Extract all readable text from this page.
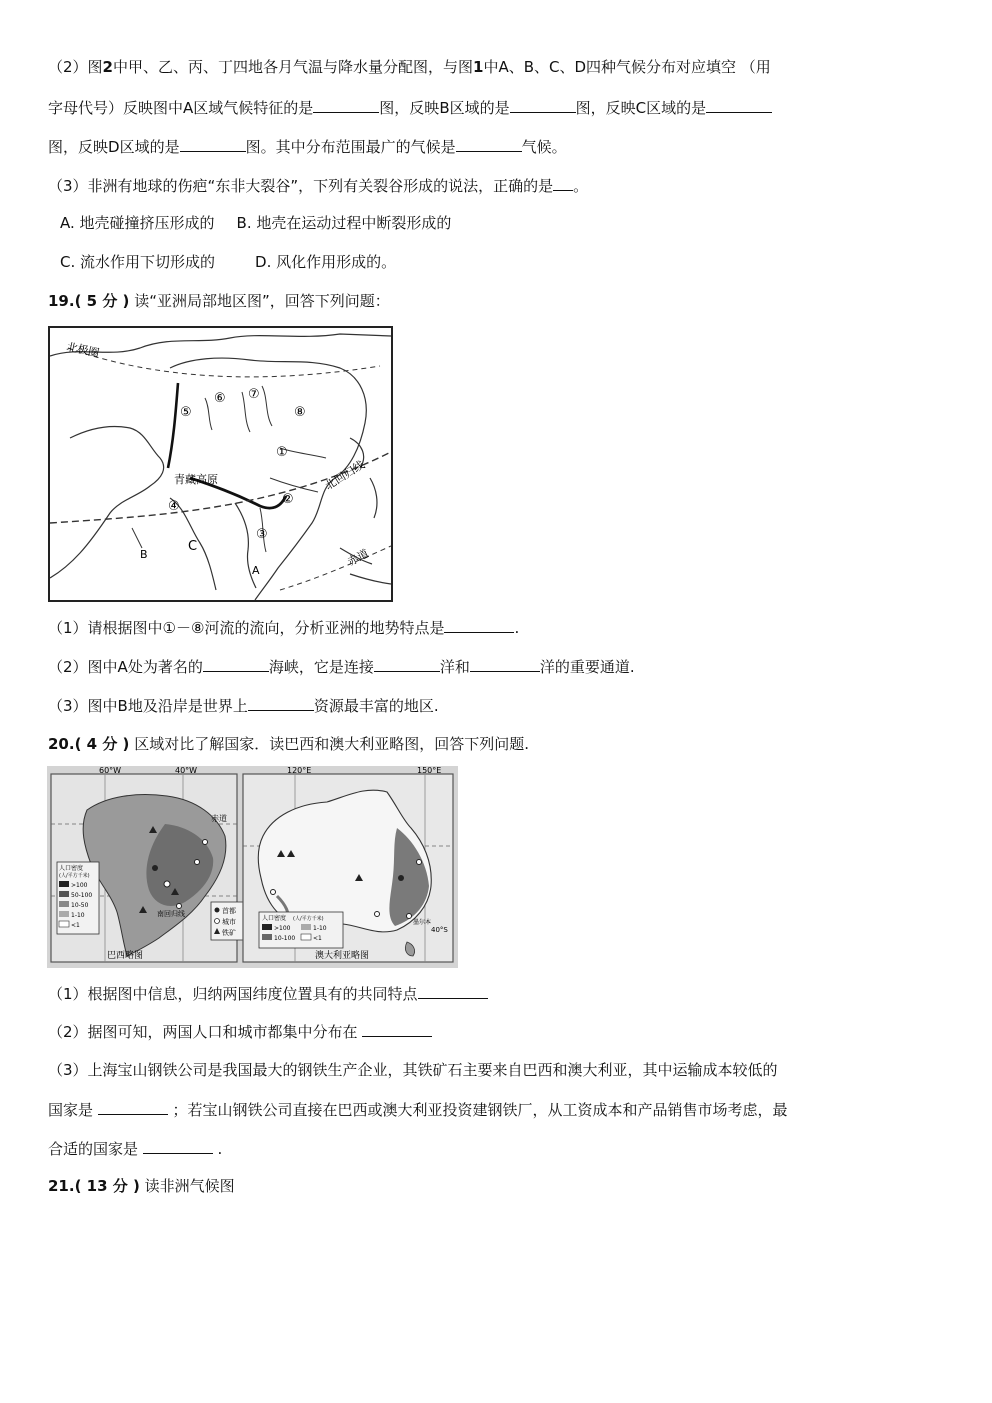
（2）图2中甲、乙、丙、丁四地各月气温与降水量分配图，与图1中A、B、C、D四种气候分布对应填空 （用
字母代号）反映图中A区域气候特征的是	图，反映B区域的是	图，反映C区域的是
图，反映D区域的是	图。其中分布范围最广的气候是	气候。
（3）非洲有地球的伤疤“东非大裂谷”，下列有关裂谷形成的说法，正确的是 。
A. 地壳碰撞挤压形成的 B. 地壳在运动过程中断裂形成的
C. 流水作用下切形成的	D. 风化作用形成的。
19.( 5 分 ) 读“亚洲局部地区图”，回答下列问题：
北极圈
北回归线
赤道
青藏高原
①
②
③
④
⑤
⑥ ⑦
⑧
A
B
C
（1）请根据图中①－⑧河流的流向，分析亚洲的地势特点是	.
（2）图中A处为著名的	海峡，它是连接	洋和	洋的重要通道.
（3）图中B地及沿岸是世界上	资源最丰富的地区.
20.( 4 分 ) 区域对比了解国家．读巴西和澳大利亚略图，回答下列问题.
60°W	40°W
赤道
南回归线
人口密度
(人/平方千米)
>100
50-100
10-50
1-10
<1
首都
城市
铁矿
巴西略图
120°E	150°E
40°S
墨尔本
人口密度 (人/平方千米)
>100	1-10
10-100	<1
澳大利亚略图
（1）根据图中信息，归纳两国纬度位置具有的共同特点
（2）据图可知，两国人口和城市都集中分布在
（3）上海宝山钢铁公司是我国最大的钢铁生产企业，其铁矿石主要来自巴西和澳大利亚，其中运输成本较低的
国家是	；若宝山钢铁公司直接在巴西或澳大利亚投资建钢铁厂，从工资成本和产品销售市场考虑，最
合适的国家是	.
21.( 13 分 ) 读非洲气候图
